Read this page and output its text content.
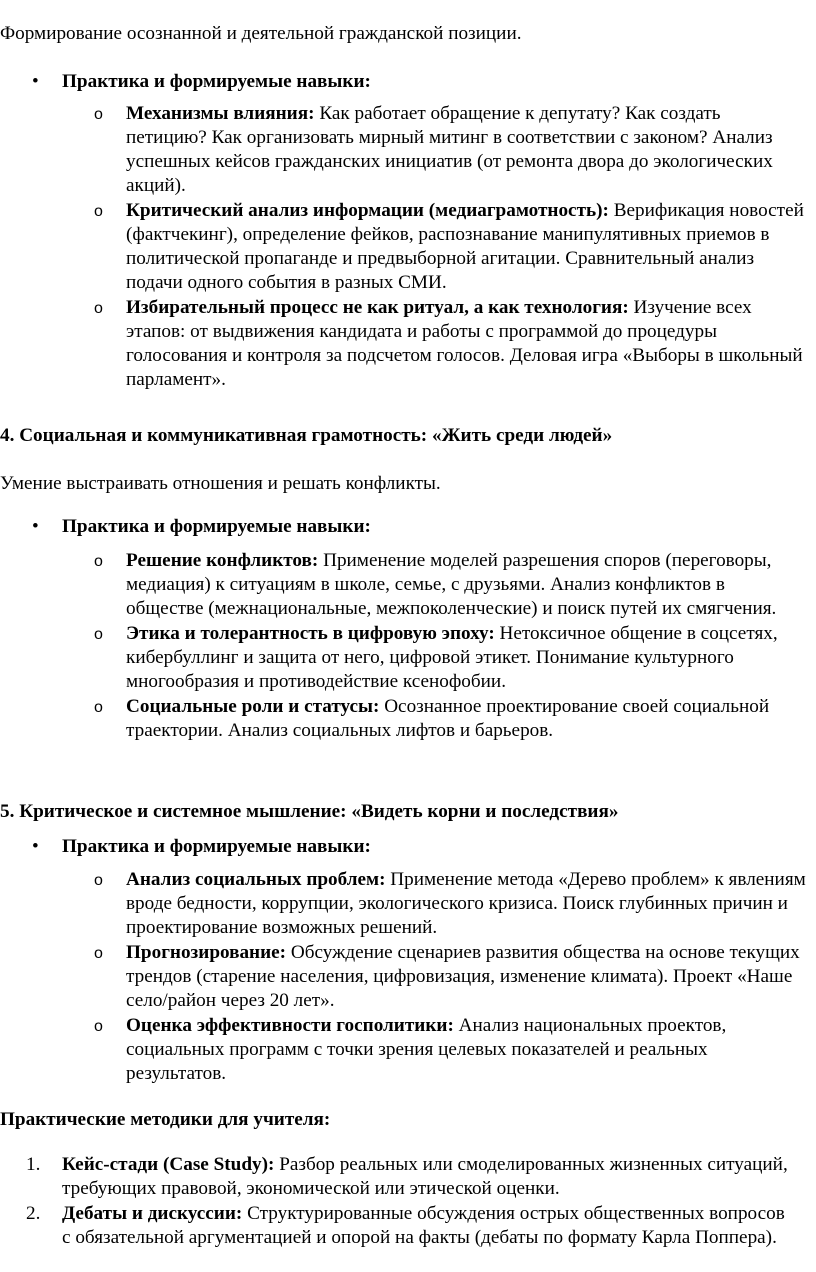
Формирование осознанной и деятельной гражданской позиции.

• Практика и формируемые навыки:
o Механизмы влияния: Как работает обращение к депутату? Как создать петицию? Как организовать мирный митинг в соответствии с законом? Анализ успешных кейсов гражданских инициатив (от ремонта двора до экологических акций).
o Критический анализ информации (медиаграмотность): Верификация новостей (фактчекинг), определение фейков, распознавание манипулятивных приемов в политической пропаганде и предвыборной агитации. Сравнительный анализ подачи одного события в разных СМИ.
o Избирательный процесс не как ритуал, а как технология: Изучение всех этапов: от выдвижения кандидата и работы с программой до процедуры голосования и контроля за подсчетом голосов. Деловая игра «Выборы в школьный парламент».

4. Социальная и коммуникативная грамотность: «Жить среди людей»

Умение выстраивать отношения и решать конфликты.

• Практика и формируемые навыки:
o Решение конфликтов: Применение моделей разрешения споров (переговоры, медиация) к ситуациям в школе, семье, с друзьями. Анализ конфликтов в обществе (межнациональные, межпоколенческие) и поиск путей их смягчения.
o Этика и толерантность в цифровую эпоху: Нетоксичное общение в соцсетях, кибербуллинг и защита от него, цифровой этикет. Понимание культурного многообразия и противодействие ксенофобии.
o Социальные роли и статусы: Осознанное проектирование своей социальной траектории. Анализ социальных лифтов и барьеров.

5. Критическое и системное мышление: «Видеть корни и последствия»

• Практика и формируемые навыки:
o Анализ социальных проблем: Применение метода «Дерево проблем» к явлениям вроде бедности, коррупции, экологического кризиса. Поиск глубинных причин и проектирование возможных решений.
o Прогнозирование: Обсуждение сценариев развития общества на основе текущих трендов (старение населения, цифровизация, изменение климата). Проект «Наше село/район через 20 лет».
o Оценка эффективности госполитики: Анализ национальных проектов, социальных программ с точки зрения целевых показателей и реальных результатов.

Практические методики для учителя:

1. Кейс-стади (Case Study): Разбор реальных или смоделированных жизненных ситуаций, требующих правовой, экономической или этической оценки.
2. Дебаты и дискуссии: Структурированные обсуждения острых общественных вопросов с обязательной аргументацией и опорой на факты (дебаты по формату Карла Поппера).
